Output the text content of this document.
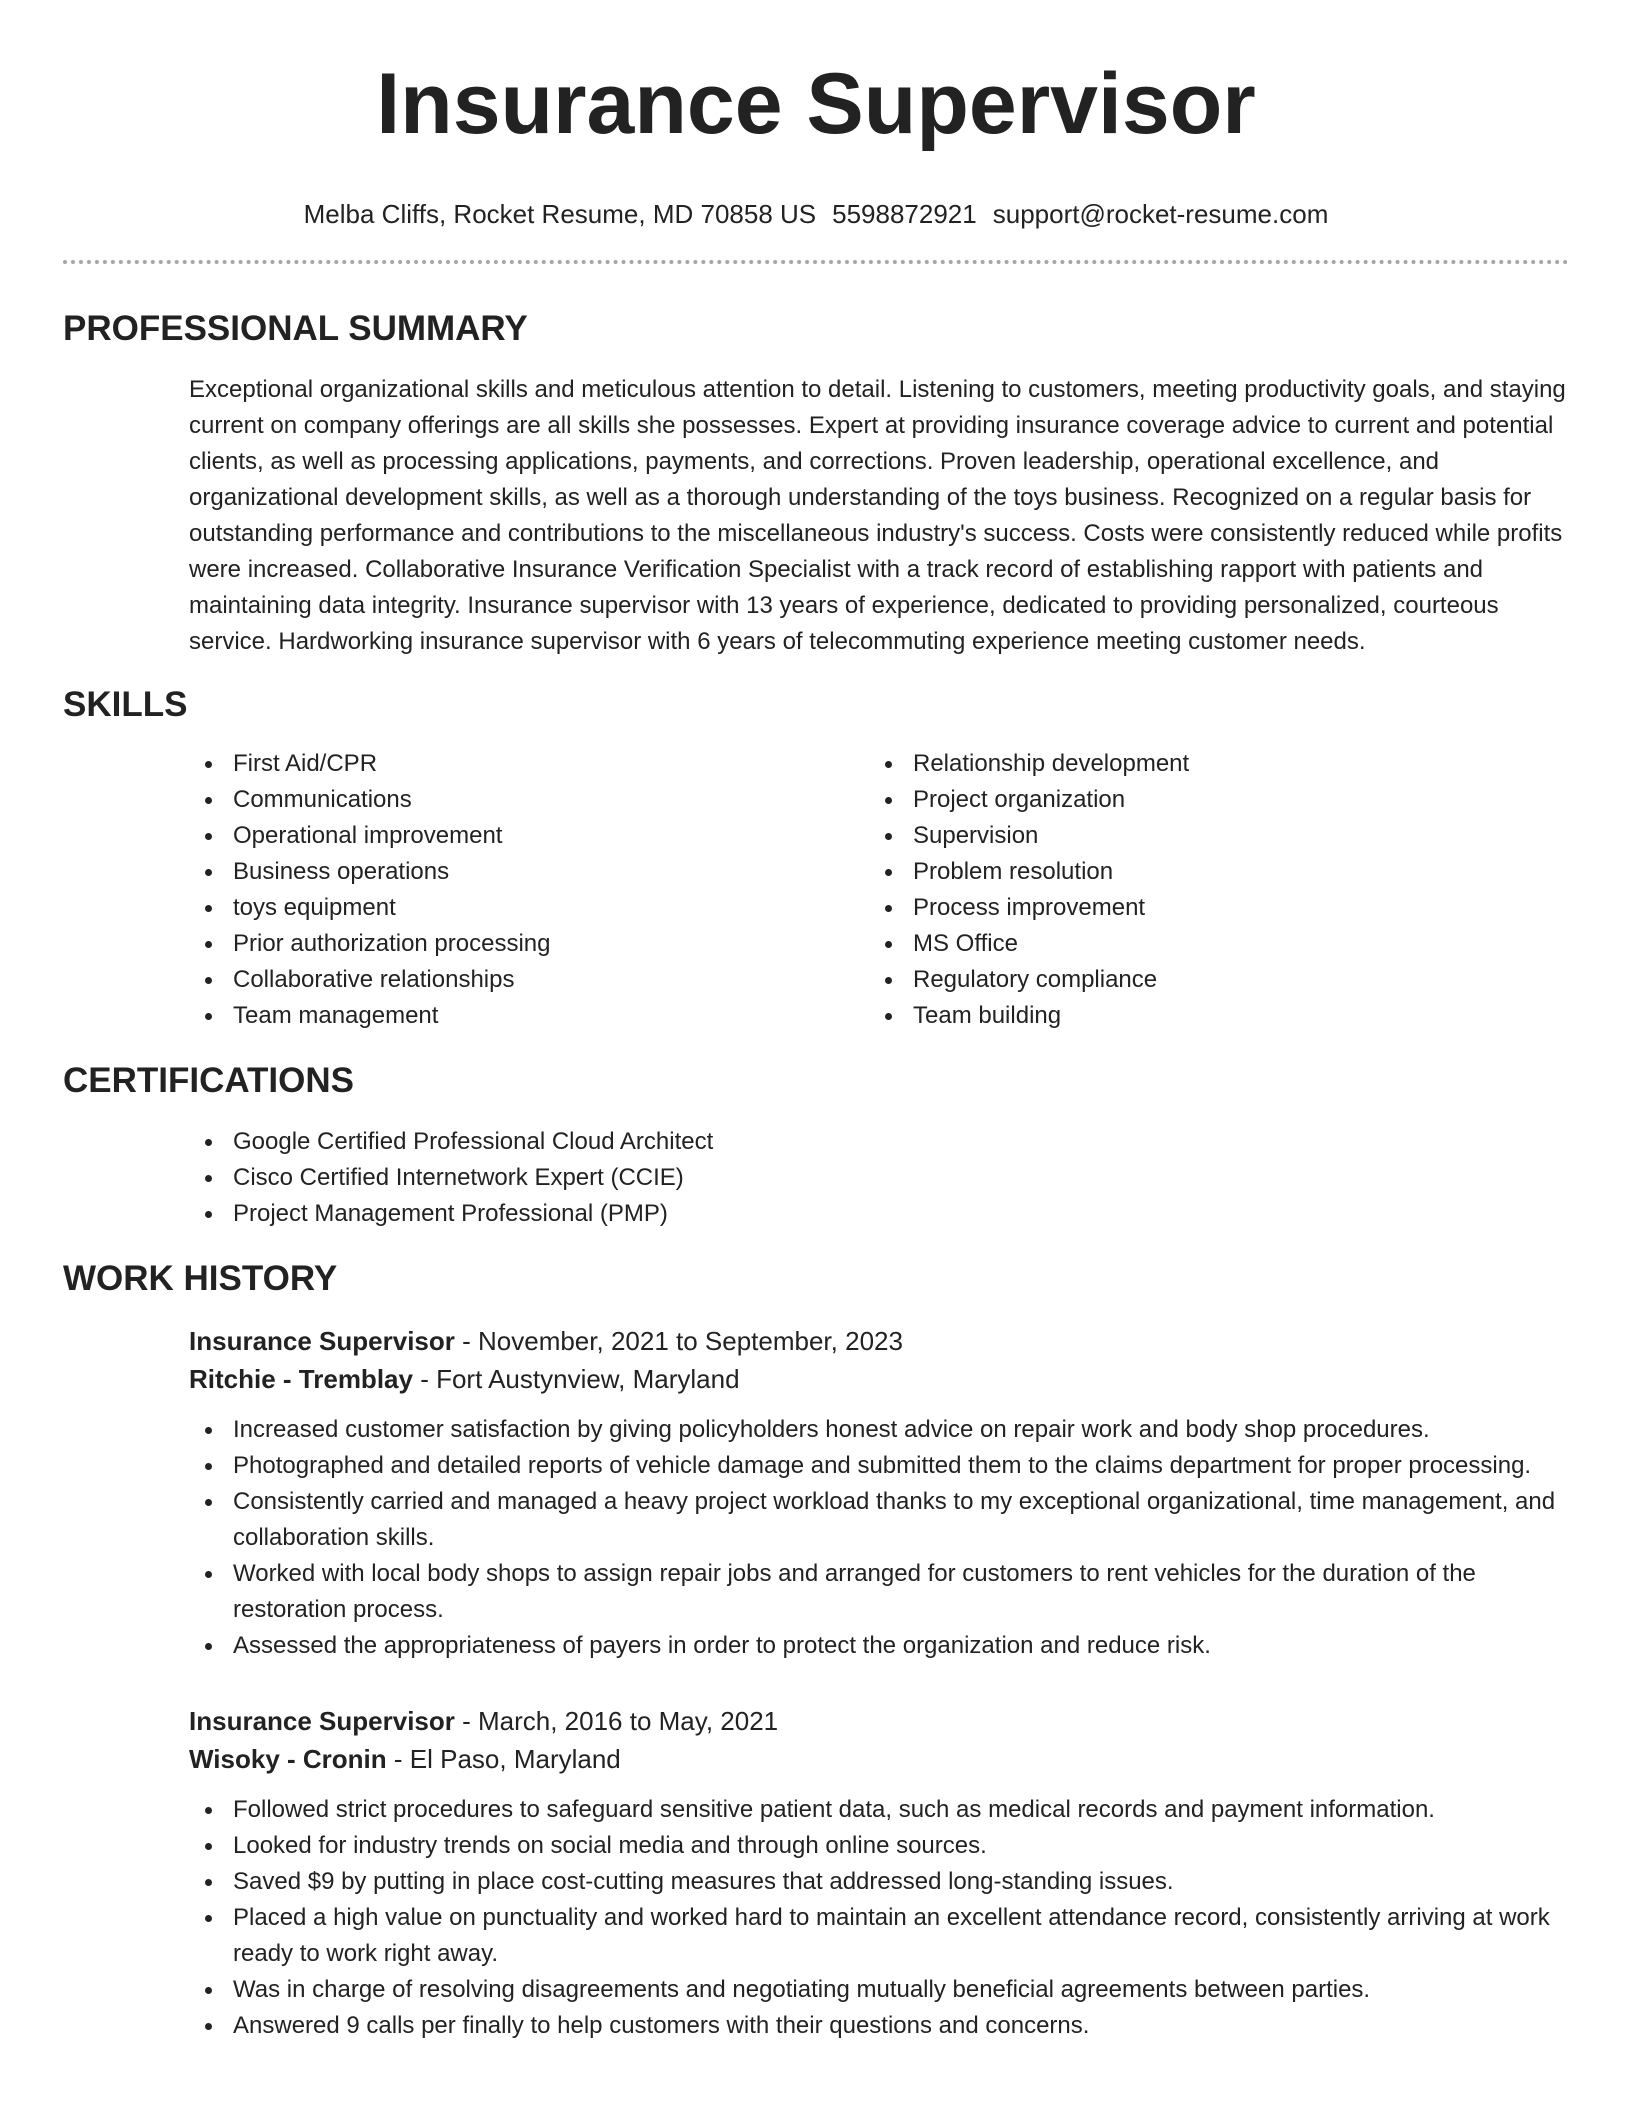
Insurance Supervisor
Melba Cliffs, Rocket Resume, MD 70858 US 5598872921 support@rocket-resume.com
PROFESSIONAL SUMMARY

Exceptional organizational skills and meticulous attention to detail. Listening to customers, meeting productivity goals, and staying current on company offerings are all skills she possesses. Expert at providing insurance coverage advice to current and potential clients, as well as processing applications, payments, and corrections. Proven leadership, operational excellence, and organizational development skills, as well as a thorough understanding of the toys business. Recognized on a regular basis for outstanding performance and contributions to the miscellaneous industry's success. Costs were consistently reduced while profits were increased. Collaborative Insurance Verification Specialist with a track record of establishing rapport with patients and maintaining data integrity. Insurance supervisor with 13 years of experience, dedicated to providing personalized, courteous service. Hardworking insurance supervisor with 6 years of telecommuting experience meeting customer needs.

SKILLS
First Aid/CPR
Communications
Operational improvement
Business operations
toys equipment
Prior authorization processing
Collaborative relationships
Team management
Relationship development
Project organization
Supervision
Problem resolution
Process improvement
MS Office
Regulatory compliance
Team building
CERTIFICATIONS
Google Certified Professional Cloud Architect
Cisco Certified Internetwork Expert (CCIE)
Project Management Professional (PMP)
WORK HISTORY
Insurance Supervisor - November, 2021 to September, 2023
Ritchie - Tremblay - Fort Austynview, Maryland
Increased customer satisfaction by giving policyholders honest advice on repair work and body shop procedures.
Photographed and detailed reports of vehicle damage and submitted them to the claims department for proper processing.
Consistently carried and managed a heavy project workload thanks to my exceptional organizational, time management, and collaboration skills.
Worked with local body shops to assign repair jobs and arranged for customers to rent vehicles for the duration of the restoration process.
Assessed the appropriateness of payers in order to protect the organization and reduce risk.
Insurance Supervisor - March, 2016 to May, 2021
Wisoky - Cronin - El Paso, Maryland
Followed strict procedures to safeguard sensitive patient data, such as medical records and payment information.
Looked for industry trends on social media and through online sources.
Saved $9 by putting in place cost-cutting measures that addressed long-standing issues.
Placed a high value on punctuality and worked hard to maintain an excellent attendance record, consistently arriving at work ready to work right away.
Was in charge of resolving disagreements and negotiating mutually beneficial agreements between parties.
Answered 9 calls per finally to help customers with their questions and concerns.
